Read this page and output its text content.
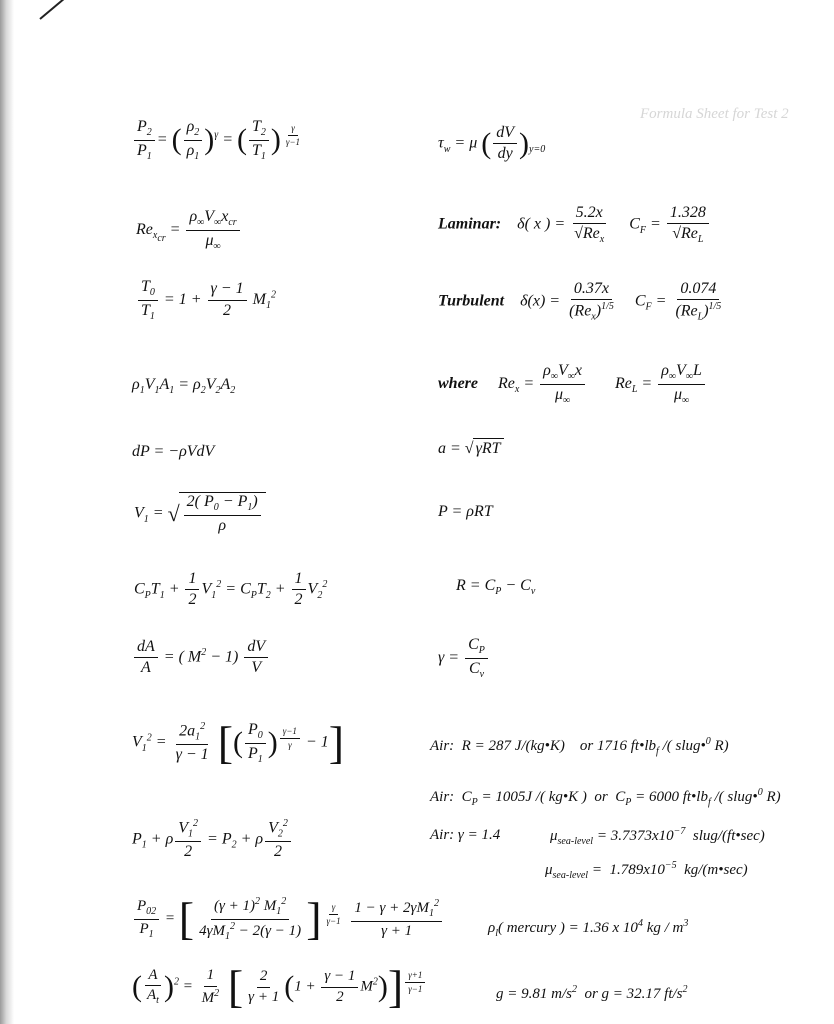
Formula Sheet for Test 2
$\frac{P_2}{P_1}$ = ( $\frac{\rho_2}{\rho_1} )^\gamma$ = ( $\frac{T_2}{T_1}$ ) $^{\frac{\gamma}{\gamma-1}}$
$Re_{x_{cr}} = \frac{\rho_\infty V_\infty x_{cr}}{\mu_\infty}$
$\frac{T_0}{T_1} = 1 + \frac{\gamma - 1}{2} M_1^2$
$\rho_1V_1A_1 = \rho_2V_2A_2$
dP = −ρVdV
$V_1$ = √ $\frac{2( P_0 - P_1)}{\rho}$
$C_PT_1 + \frac{1}{2} V_1^2 = C_PT_2 + \frac{1}{2} V_2^2$
$\frac{dA}{A}$ = ( $M^2 - 1) \frac{dV}{V}$
$V_1^2 = \frac{2a_1^2}{\gamma - 1}$ [( $\frac{P_0}{P_1}$ ) $^{\frac{\gamma-1}{\gamma}}$ − 1]
$P_1 + \rho \frac{V_1^2}{2} = P_2 + \rho \frac{V_2^2}{2}$
$\frac{P_{02}}{P_1}$ = [ $\frac{(\gamma + 1)^2 M_1^2}{4\gamma M_1^2 - 2(\gamma - 1)}$ ] $^{\frac{\gamma}{\gamma-1}}$
$\frac{1 - \gamma + 2\gamma M_1^2}{\gamma + 1}$
( $\frac{A}{A_t} )^2 = \frac{1}{M^2}$ [ $\frac{2}{\gamma + 1} (1 + \frac{\gamma - 1}{2} M^2)$] $^{\frac{\gamma+1}{\gamma-1}}$
$\tau_w = \mu$ ( $\frac{dV}{dy} )_{y=0}$
Laminar:    δ( x ) = $\frac{5.2x}{√Re_x} C_F = \frac{1.328}{√Re_L}$
Turbulent    $\delta(x) = \frac{0.37x}{(Re_x)^{1/5}} C_F = \frac{0.074}{(Re_L)^{1/5}}$
where     $Re_x = \frac{\rho_\infty V_\infty x}{\mu_\infty} Re_L = \frac{\rho_\infty V_\infty L}{\mu_\infty}$
a = √ γRT
P = ρRT
$R = C_P - C_v$
$\gamma = \frac{C_P}{C_v}$
Air:  R = 287 J/(kg•K)    or 1716 $ft•lb_f$ /( slug•$^0$ R)
Air:  $C_P = 1005J$ /( kg•K )  or  $C_P = 6000$ $ft•lb_f$ /( slug•$^0$ R)
Air: γ = 1.4	$\mu_{sea-level} = 3.7373x10^{-7}$  slug/(ft•sec)
$\mu_{sea-level} = 1.789x10^{-5}$  kg/(m•sec)
$\rho_l$( mercury ) = 1.36 x $10^4$ kg / $m^3$
g = 9.81 $m/s^2$  or g = 32.17 $ft/s^2$
